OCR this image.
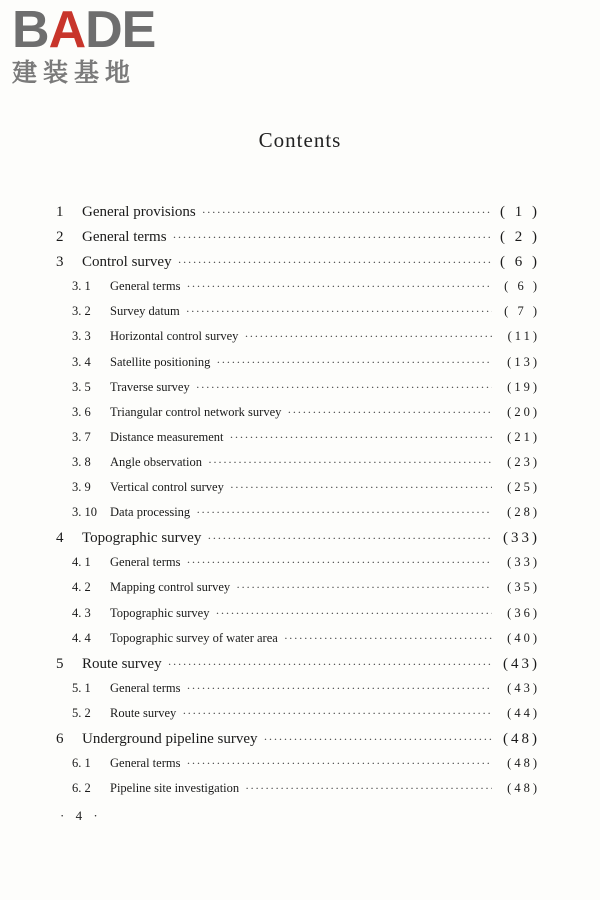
BADE
建装基地
Contents
1	General provisions ·····	( 1 )
2	General terms ·····	( 2 )
3	Control survey ·····	( 6 )
3. 1	General terms ·····	( 6 )
3. 2	Survey datum ·····	( 7 )
3. 3	Horizontal control survey ·····	(11)
3. 4	Satellite positioning ·····	(13)
3. 5	Traverse survey ·····	(19)
3. 6	Triangular control network survey ·····	(20)
3. 7	Distance measurement ·····	(21)
3. 8	Angle observation ·····	(23)
3. 9	Vertical control survey ·····	(25)
3. 10	Data processing ·····	(28)
4	Topographic survey ·····	(33)
4. 1	General terms ·····	(33)
4. 2	Mapping control survey ·····	(35)
4. 3	Topographic survey ·····	(36)
4. 4	Topographic survey of water area ·····	(40)
5	Route survey ·····	(43)
5. 1	General terms ·····	(43)
5. 2	Route survey ·····	(44)
6	Underground pipeline survey ·····	(48)
6. 1	General terms ·····	(48)
6. 2	Pipeline site investigation ·····	(48)
· 4 ·
